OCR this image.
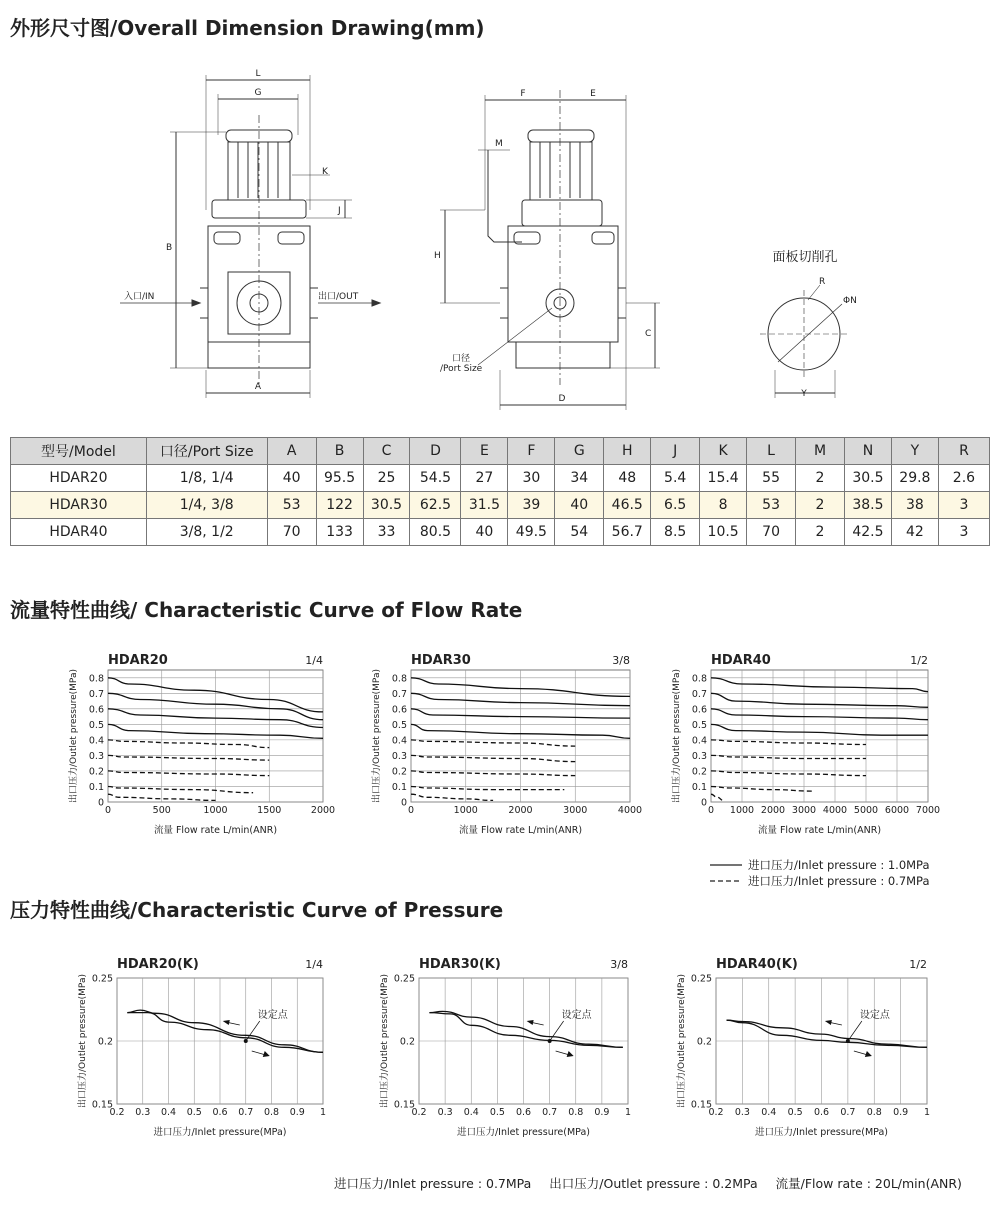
外形尺寸图/Overall Dimension Drawing(mm)
流量特性曲线/ Characteristic Curve of Flow Rate
压力特性曲线/Characteristic Curve of Pressure
L
G
K
J
B
A
入口/IN	出口/OUT
F	E
M
H
C
D
口径
/Port Size
面板切削孔
R
ΦN
Y
型号/Model	口径/Port Size	A	B	C	D	E	F	G	H	J	K	L	M	N	Y	R
HDAR20	1/8, 1/4	40	95.5	25	54.5	27	30	34	48	5.4	15.4	55	2	30.5	29.8	2.6
HDAR30	1/4, 3/8	53	122	30.5	62.5	31.5	39	40	46.5	6.5	8	53	2	38.5	38	3
HDAR40	3/8, 1/2	70	133	33	80.5	40	49.5	54	56.7	8.5	10.5	70	2	42.5	42	3
HDAR20	1/4
0
0.1
0.2
0.3
0.4
0.5
0.6
0.7
0.8
0	500	1000	1500	2000
流量 Flow rate L/min(ANR)
出口压力/Outlet pressure(MPa)
HDAR30	3/8
0
0.1
0.2
0.3
0.4
0.5
0.6
0.7
0.8
0	1000	2000	3000	4000
流量 Flow rate L/min(ANR)
出口压力/Outlet pressure(MPa)
HDAR40	1/2
0
0.1
0.2
0.3
0.4
0.5
0.6
0.7
0.8
0 1000 2000 3000 4000 5000 6000 7000
流量 Flow rate L/min(ANR)
出口压力/Outlet pressure(MPa)
HDAR20(K)	1/4
0.15
0.2
0.25
0.2 0.3 0.4 0.5 0.6 0.7 0.8 0.9 1
进口压力/Inlet pressure(MPa)
出口压力/Outlet pressure(MPa)	设定点
HDAR30(K)	3/8
0.15
0.2
0.25
0.2 0.3 0.4 0.5 0.6 0.7 0.8 0.9 1
进口压力/Inlet pressure(MPa)
出口压力/Outlet pressure(MPa)	设定点
HDAR40(K)	1/2
0.15
0.2
0.25
0.2 0.3 0.4 0.5 0.6 0.7 0.8 0.9 1
进口压力/Inlet pressure(MPa)
出口压力/Outlet pressure(MPa)	设定点
进口压力/Inlet pressure : 1.0MPa
进口压力/Inlet pressure : 0.7MPa
进口压力/Inlet pressure : 0.7MPa 出口压力/Outlet pressure : 0.2MPa 流量/Flow rate : 20L/min(ANR)
